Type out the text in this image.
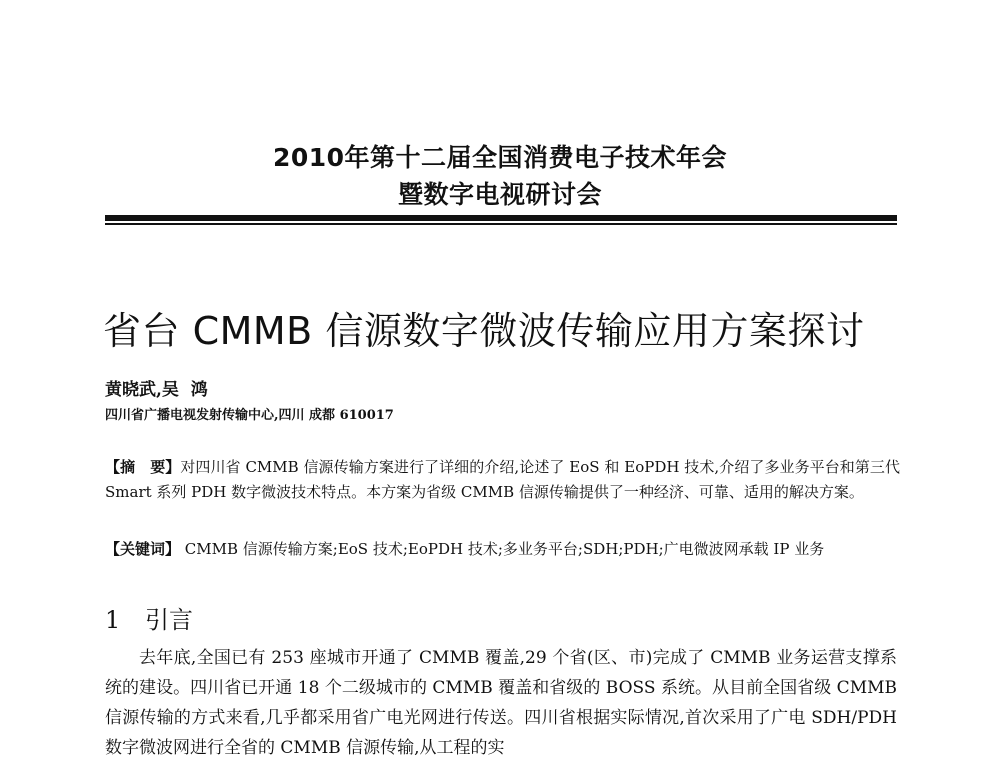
2010年第十二届全国消费电子技术年会
暨数字电视研讨会
省台 CMMB 信源数字微波传输应用方案探讨
黄晓武,吴  鸿
四川省广播电视发射传输中心,四川 成都 610017
【摘　要】对四川省 CMMB 信源传输方案进行了详细的介绍,论述了 EoS 和 EoPDH 技术,介绍了多业务平台和第三代 Smart 系列 PDH 数字微波技术特点。本方案为省级 CMMB 信源传输提供了一种经济、可靠、适用的解决方案。
【关键词】 CMMB 信源传输方案;EoS 技术;EoPDH 技术;多业务平台;SDH;PDH;广电微波网承载 IP 业务
1 引言
去年底,全国已有 253 座城市开通了 CMMB 覆盖,29 个省(区、市)完成了 CMMB 业务运营支撑系统的建设。四川省已开通 18 个二级城市的 CMMB 覆盖和省级的 BOSS 系统。从目前全国省级 CMMB 信源传输的方式来看,几乎都采用省广电光网进行传送。四川省根据实际情况,首次采用了广电 SDH/PDH 数字微波网进行全省的 CMMB 信源传输,从工程的实
